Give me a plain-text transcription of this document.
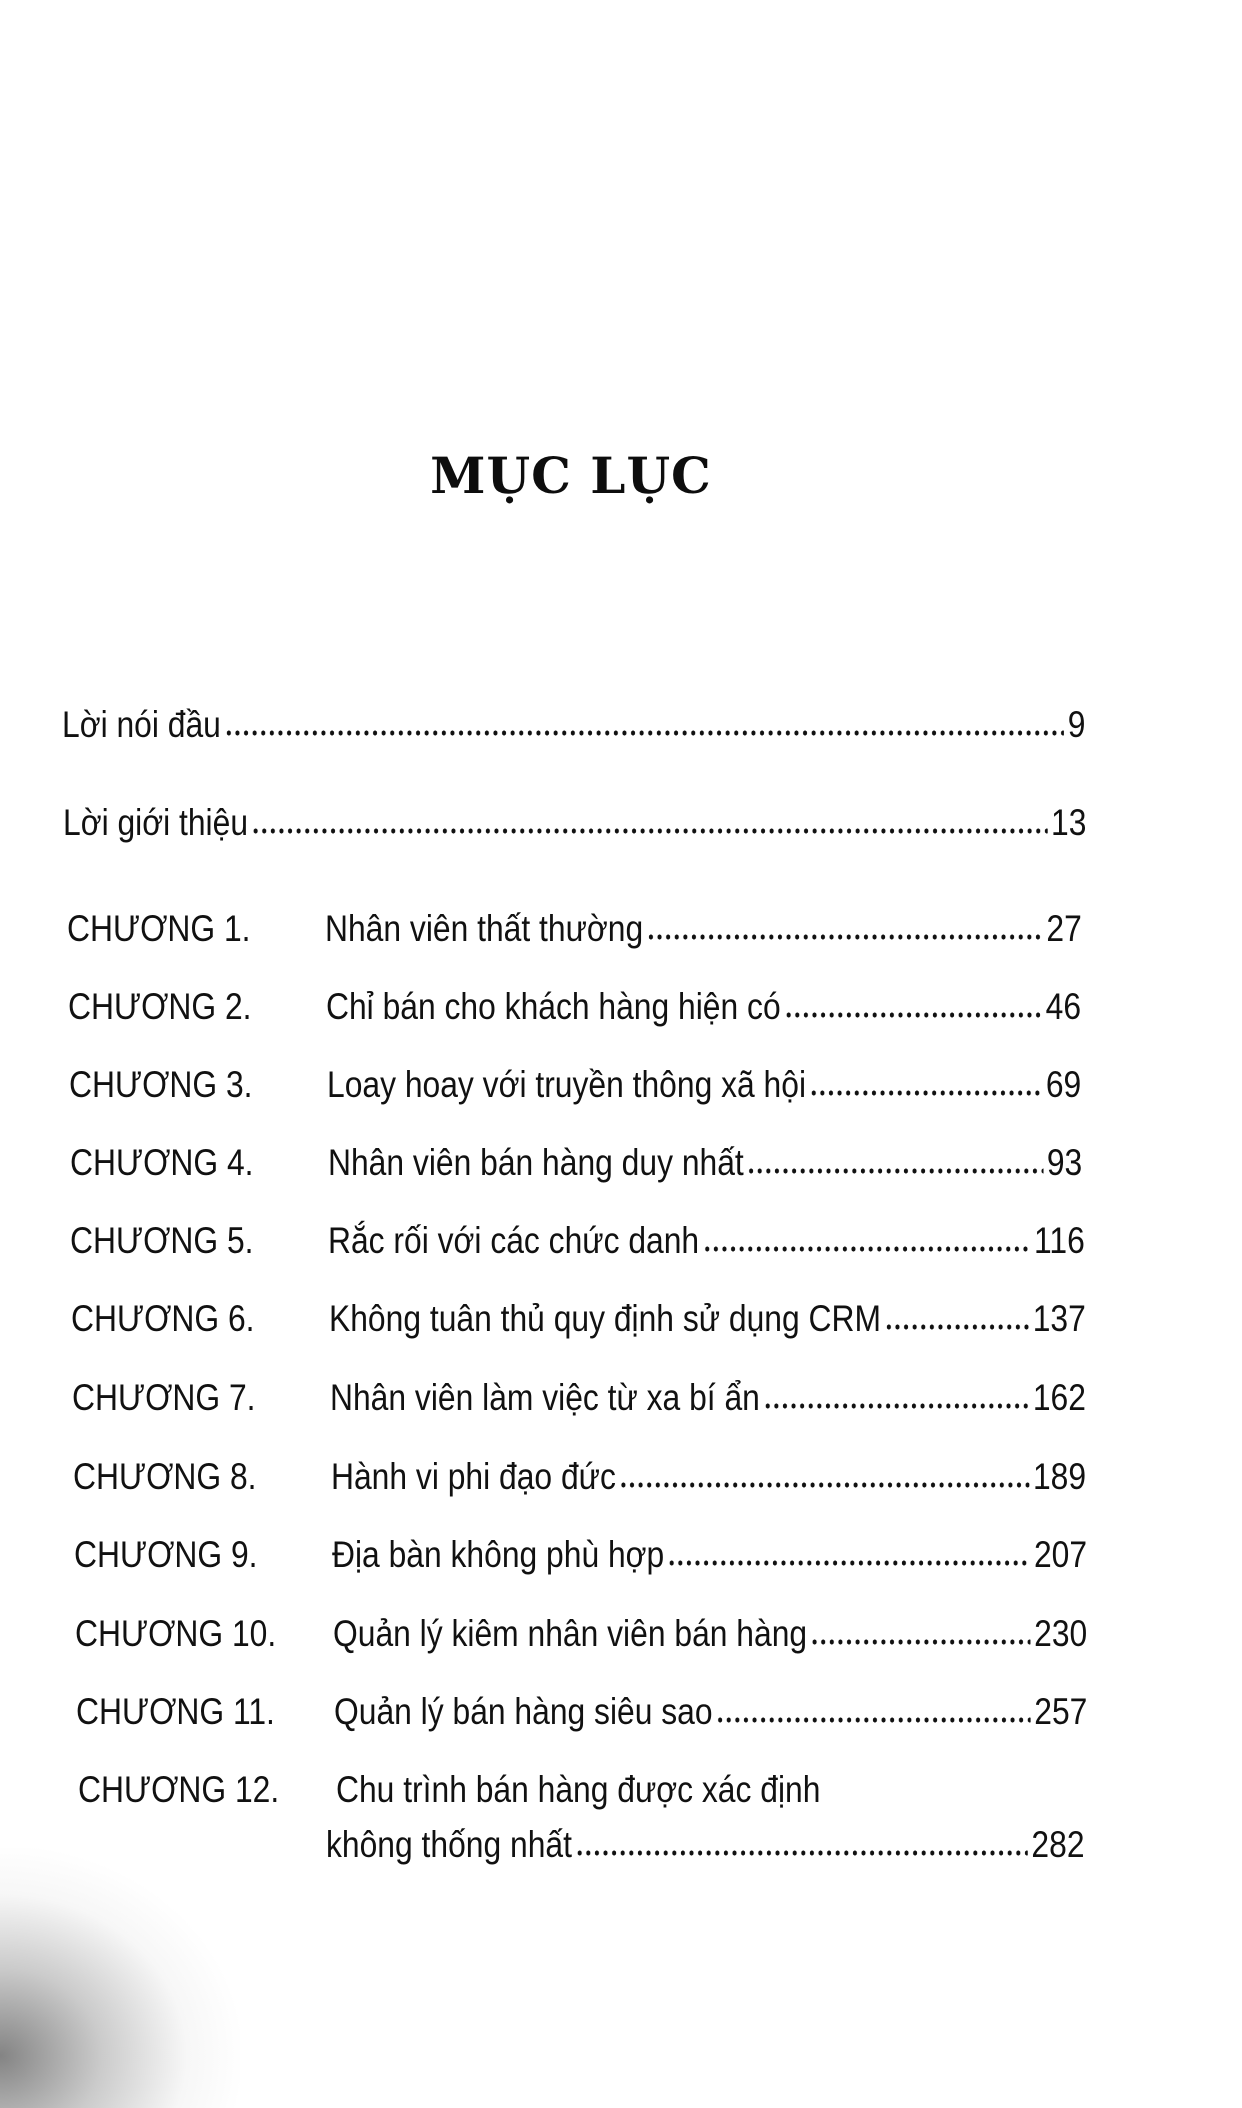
MỤC LỤC
Lời nói đầu	9
Lời giới thiệu	13
CHƯƠNG 1.	Nhân viên thất thường	27
CHƯƠNG 2.	Chỉ bán cho khách hàng hiện có	46
CHƯƠNG 3.	Loay hoay với truyền thông xã hội	69
CHƯƠNG 4.	Nhân viên bán hàng duy nhất	93
CHƯƠNG 5.	Rắc rối với các chức danh	116
CHƯƠNG 6.	Không tuân thủ quy định sử dụng CRM	137
CHƯƠNG 7.	Nhân viên làm việc từ xa bí ẩn	162
CHƯƠNG 8.	Hành vi phi đạo đức	189
CHƯƠNG 9.	Địa bàn không phù hợp	207
CHƯƠNG 10.	Quản lý kiêm nhân viên bán hàng	230
CHƯƠNG 11.	Quản lý bán hàng siêu sao	257
CHƯƠNG 12.	Chu trình bán hàng được xác định
không thống nhất	282
